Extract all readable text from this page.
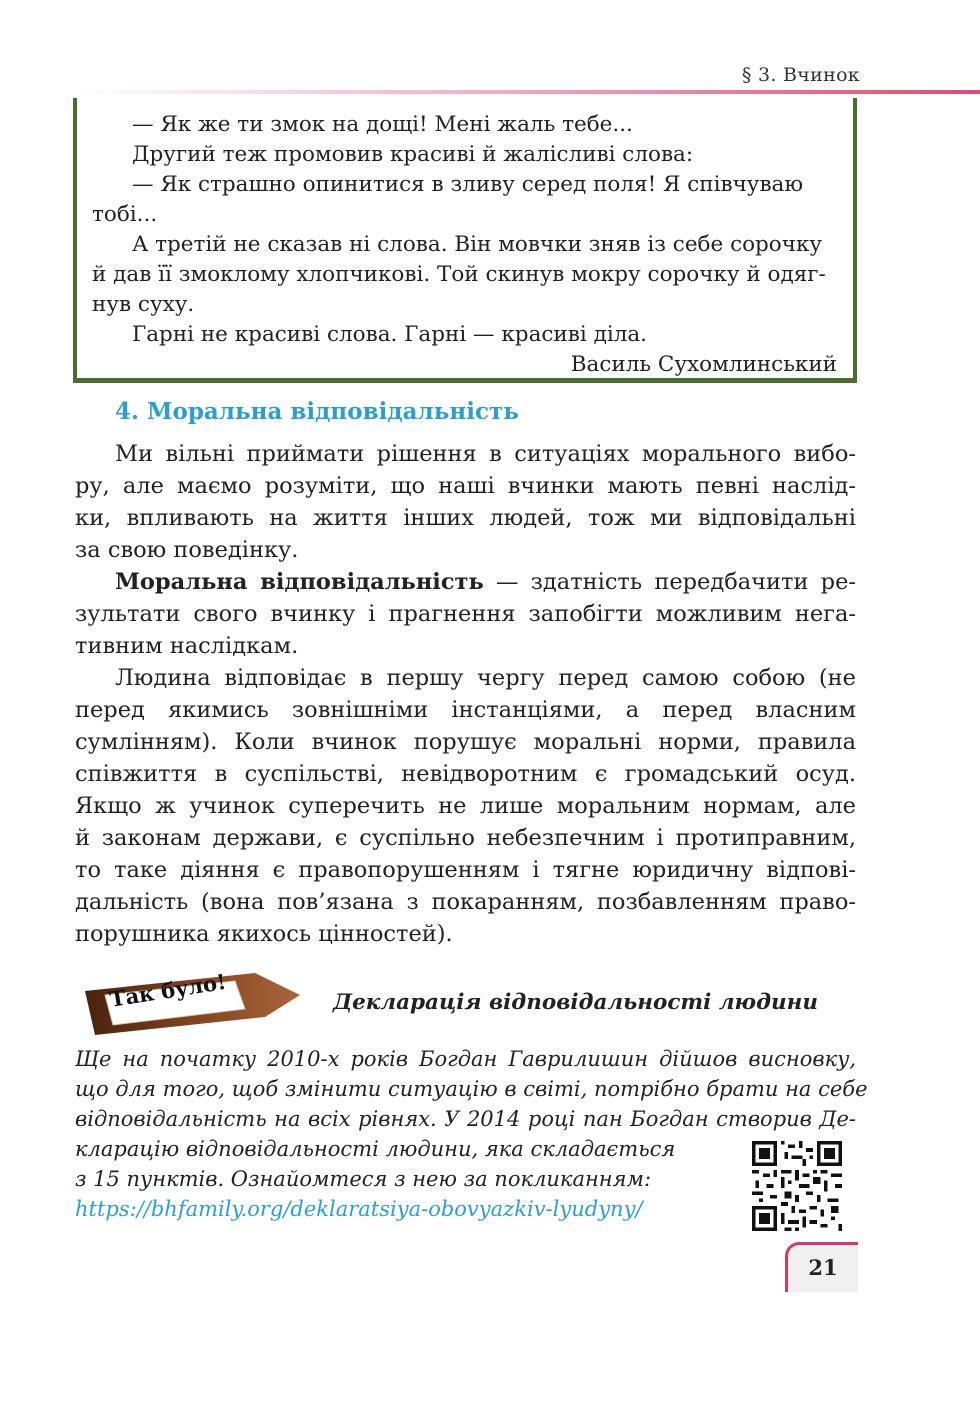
§ 3. Вчинок
— Як же ти змок на дощі! Мені жаль тебе...
Другий теж промовив красиві й жалісливі слова:
— Як страшно опинитися в зливу серед поля! Я співчуваю
тобі...
А третій не сказав ні слова. Він мовчки зняв із себе сорочку
й дав її змоклому хлопчикові. Той скинув мокру сорочку й одяг-
нув суху.
Гарні не красиві слова. Гарні — красиві діла.
Василь Сухомлинський
4. Моральна відповідальність
Ми вільні приймати рішення в ситуаціях морального вибо-
ру, але маємо розуміти, що наші вчинки мають певні наслід-
ки, впливають на життя інших людей, тож ми відповідальні
за свою поведінку.
Моральна відповідальність — здатність передбачити ре-
зультати свого вчинку і прагнення запобігти можливим нега-
тивним наслідкам.
Людина відповідає в першу чергу перед самою собою (не
перед якимись зовнішніми інстанціями, а перед власним
сумлінням). Коли вчинок порушує моральні норми, правила
співжиття в суспільстві, невідворотним є громадський осуд.
Якщо ж учинок суперечить не лише моральним нормам, але
й законам держави, є суспільно небезпечним і протиправним,
то таке діяння є правопорушенням і тягне юридичну відпові-
дальність (вона пов’язана з покаранням, позбавленням право-
порушника якихось цінностей).
Так було!	Декларація відповідальності людини
Ще на початку 2010-х років Богдан Гаврилишин дійшов висновку,
що для того, щоб змінити ситуацію в світі, потрібно брати на себе
відповідальність на всіх рівнях. У 2014 році пан Богдан створив Де-
кларацію відповідальності людини, яка складається
з 15 пунктів. Ознайомтеся з нею за покликанням:
https://bhfamily.org/deklaratsiya-obovyazkiv-lyudyny/
21
